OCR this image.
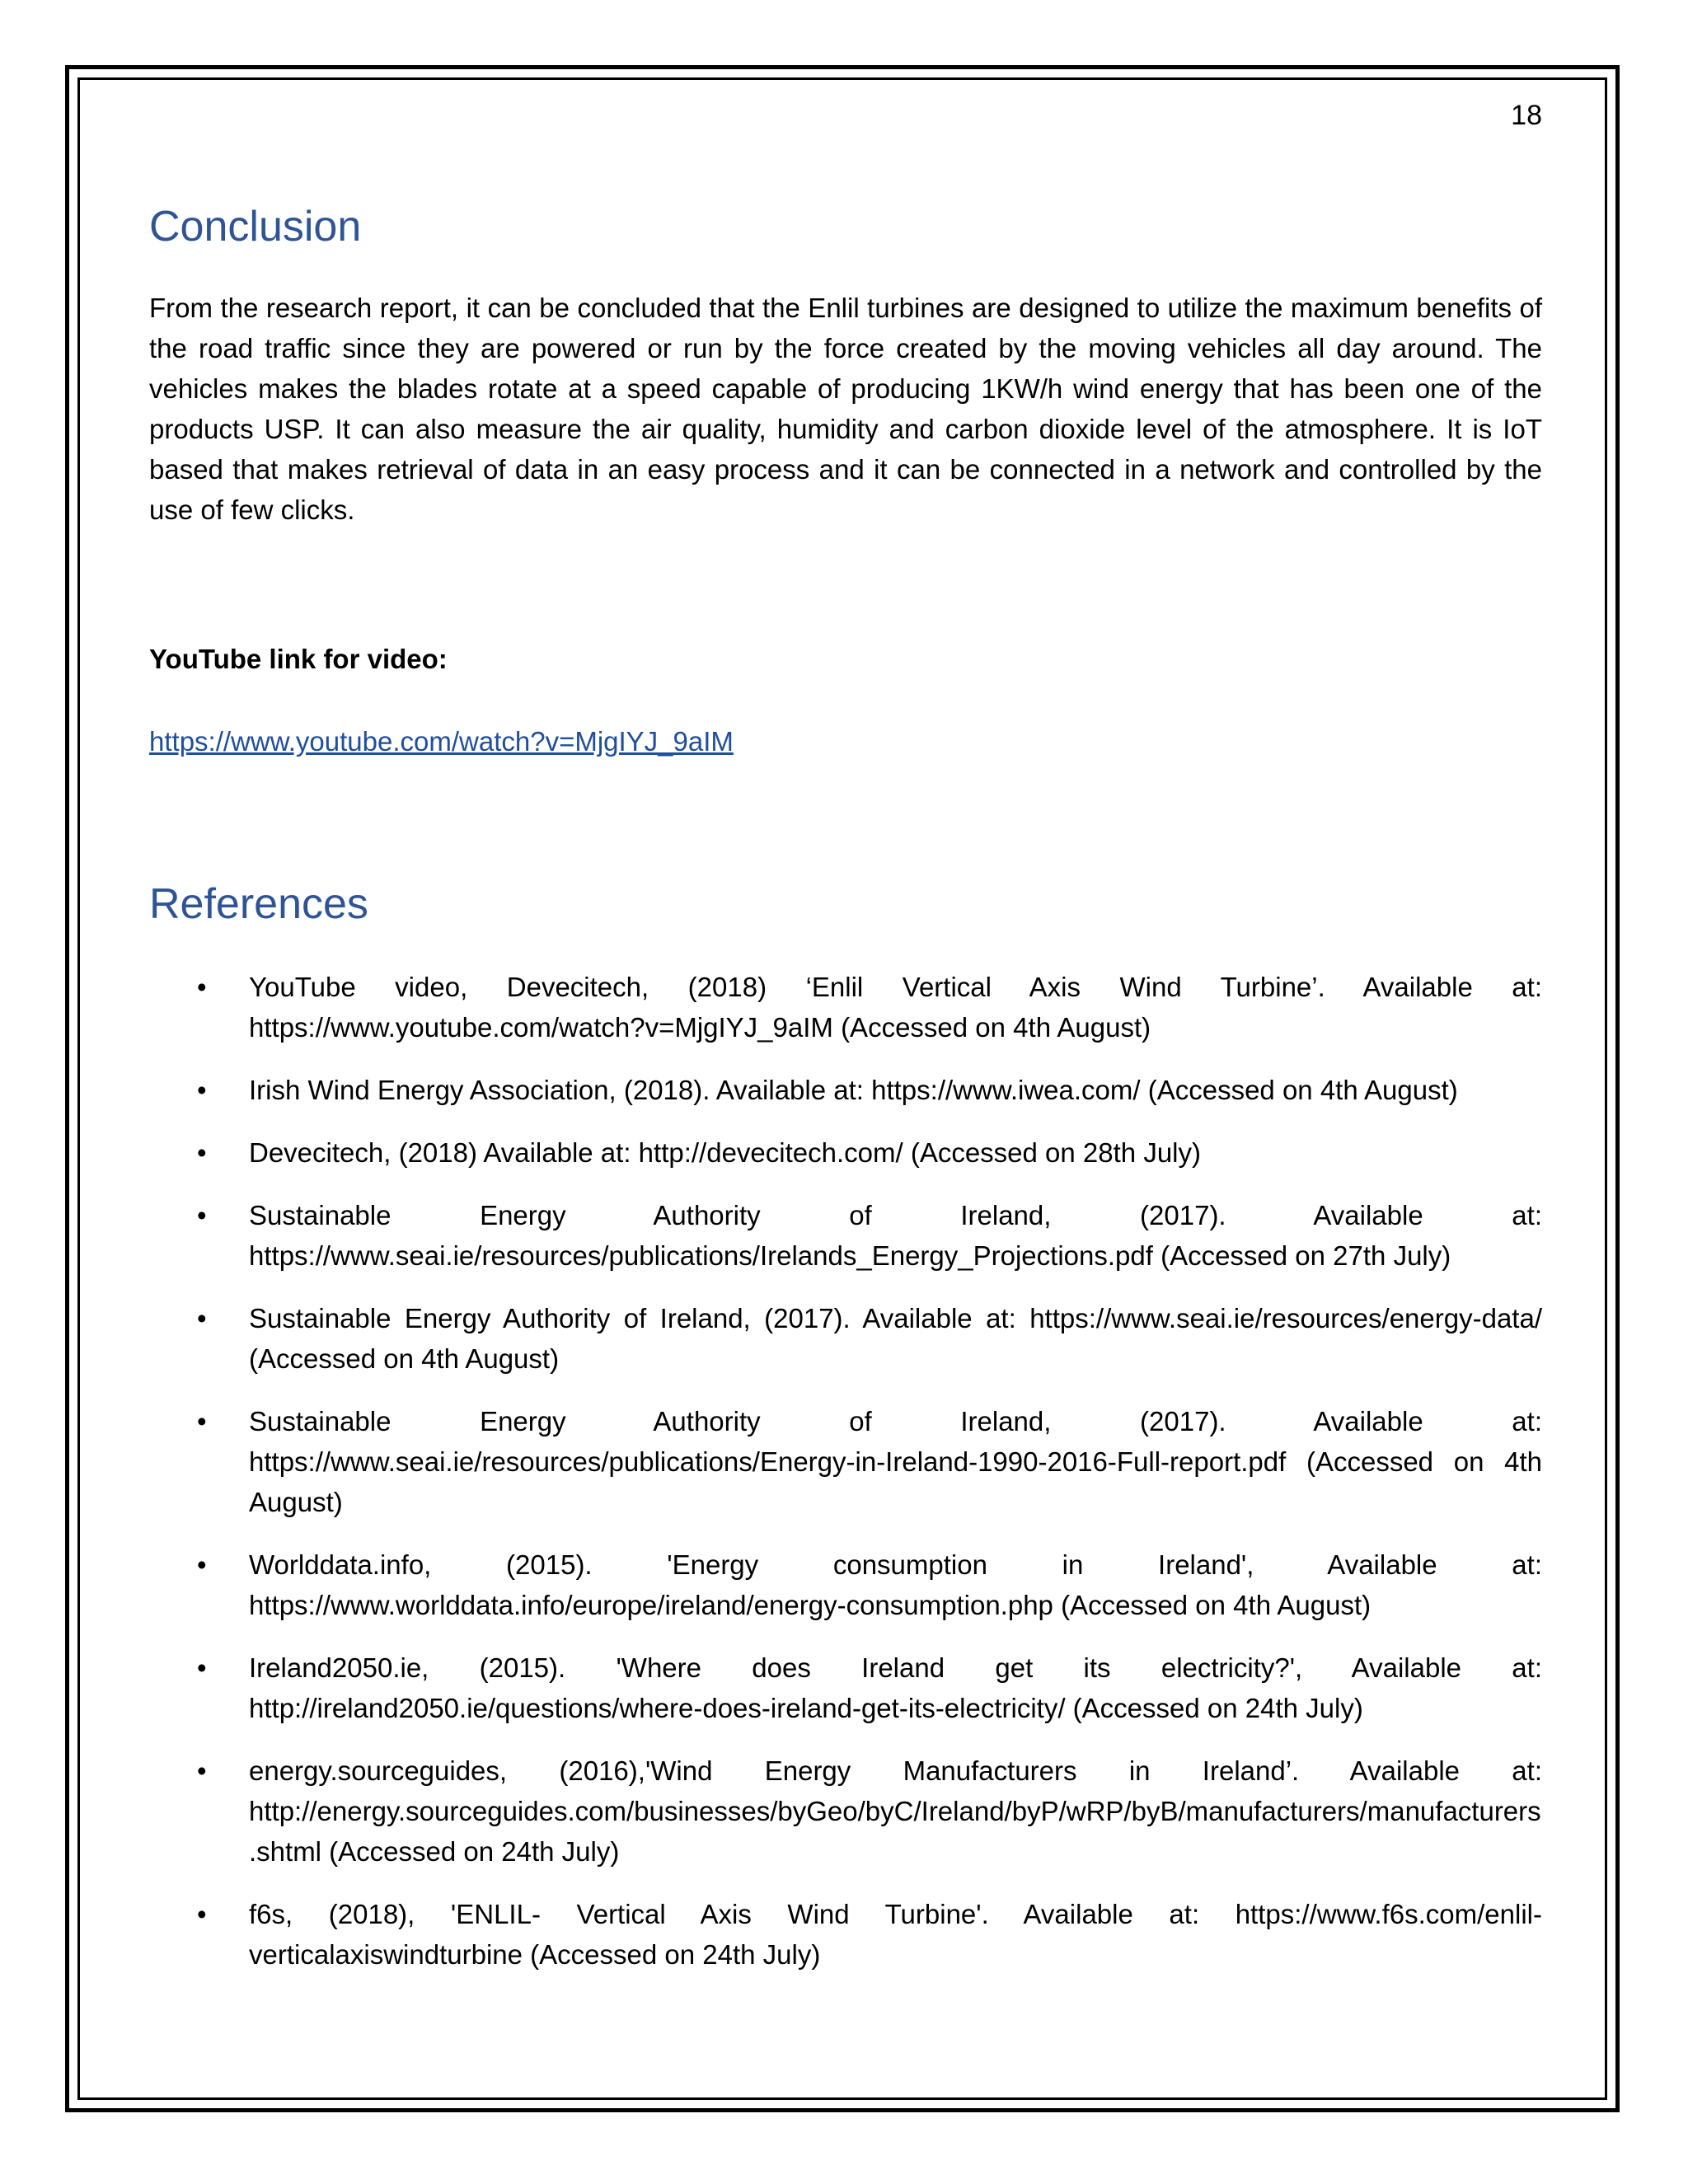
18
Conclusion

From the research report, it can be concluded that the Enlil turbines are designed to utilize the maximum benefits of the road traffic since they are powered or run by the force created by the moving vehicles all day around. The vehicles makes the blades rotate at a speed capable of producing 1KW/h wind energy that has been one of the products USP. It can also measure the air quality, humidity and carbon dioxide level of the atmosphere. It is IoT based that makes retrieval of data in an easy process and it can be connected in a network and controlled by the use of few clicks.

YouTube link for video:
https://www.youtube.com/watch?v=MjgIYJ_9aIM
References
• YouTube video, Devecitech, (2018) ‘Enlil Vertical Axis Wind Turbine’. Available at: https://www.youtube.com/watch?v=MjgIYJ_9aIM (Accessed on 4th August)
• Irish Wind Energy Association, (2018). Available at: https://www.iwea.com/ (Accessed on 4th August)
• Devecitech, (2018) Available at: http://devecitech.com/ (Accessed on 28th July)
• Sustainable Energy Authority of Ireland, (2017). Available at: https://www.seai.ie/resources/publications/Irelands_Energy_Projections.pdf (Accessed on 27th July)
• Sustainable Energy Authority of Ireland, (2017). Available at: https://www.seai.ie/resources/energy-data/ (Accessed on 4th August)
• Sustainable Energy Authority of Ireland, (2017). Available at: https://www.seai.ie/resources/publications/Energy-in-Ireland-1990-2016-Full-report.pdf (Accessed on 4th August)
• Worlddata.info, (2015). 'Energy consumption in Ireland', Available at: https://www.worlddata.info/europe/ireland/energy-consumption.php (Accessed on 4th August)
• Ireland2050.ie, (2015). 'Where does Ireland get its electricity?', Available at: http://ireland2050.ie/questions/where-does-ireland-get-its-electricity/ (Accessed on 24th July)
• energy.sourceguides, (2016),'Wind Energy Manufacturers in Ireland’. Available at: http://energy.sourceguides.com/businesses/byGeo/byC/Ireland/byP/wRP/byB/manufacturers/manufacturers.shtml (Accessed on 24th July)
• f6s, (2018), 'ENLIL- Vertical Axis Wind Turbine'. Available at: https://www.f6s.com/enlil-verticalaxiswindturbine (Accessed on 24th July)
